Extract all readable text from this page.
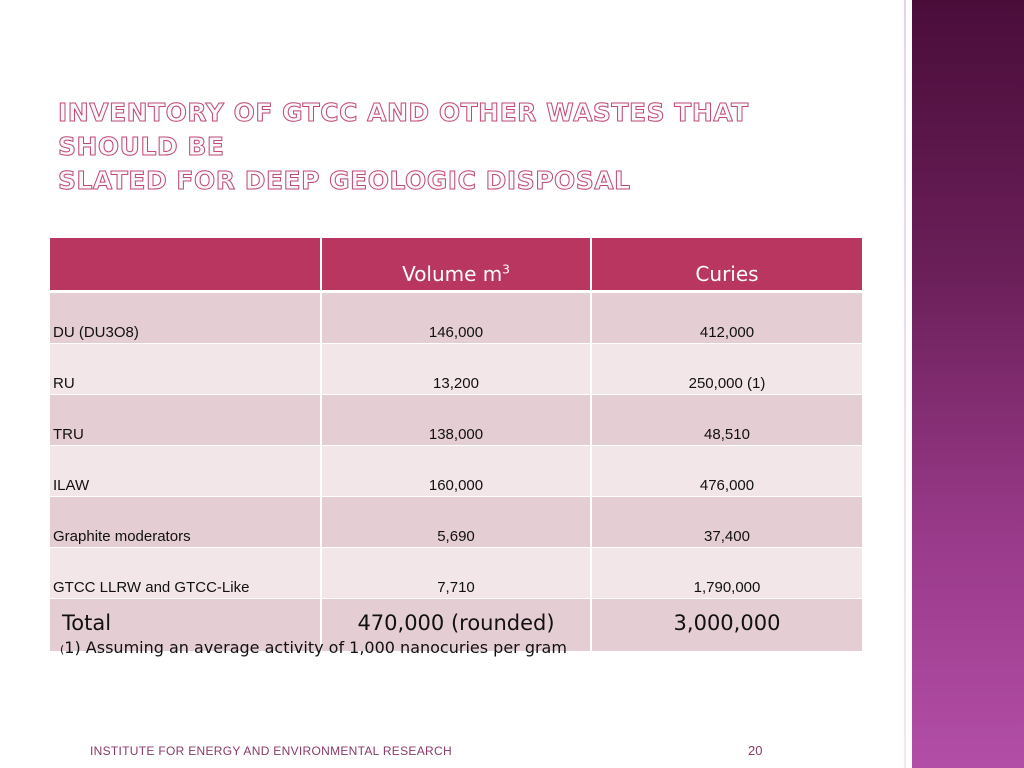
INVENTORY OF GTCC AND OTHER WASTES THAT SHOULD BE
SLATED FOR DEEP GEOLOGIC DISPOSAL
	Volume $m^3$	Curies
DU (DU3O8)	146,000	412,000
RU	13,200	250,000 (1)
TRU	138,000	48,510
ILAW	160,000	476,000
Graphite moderators	5,690	37,400
GTCC LLRW and GTCC-Like	7,710	1,790,000
Total	470,000 (rounded)	3,000,000
(1) Assuming an average activity of 1,000 nanocuries per gram
INSTITUTE FOR ENERGY AND ENVIRONMENTAL RESEARCH	20
